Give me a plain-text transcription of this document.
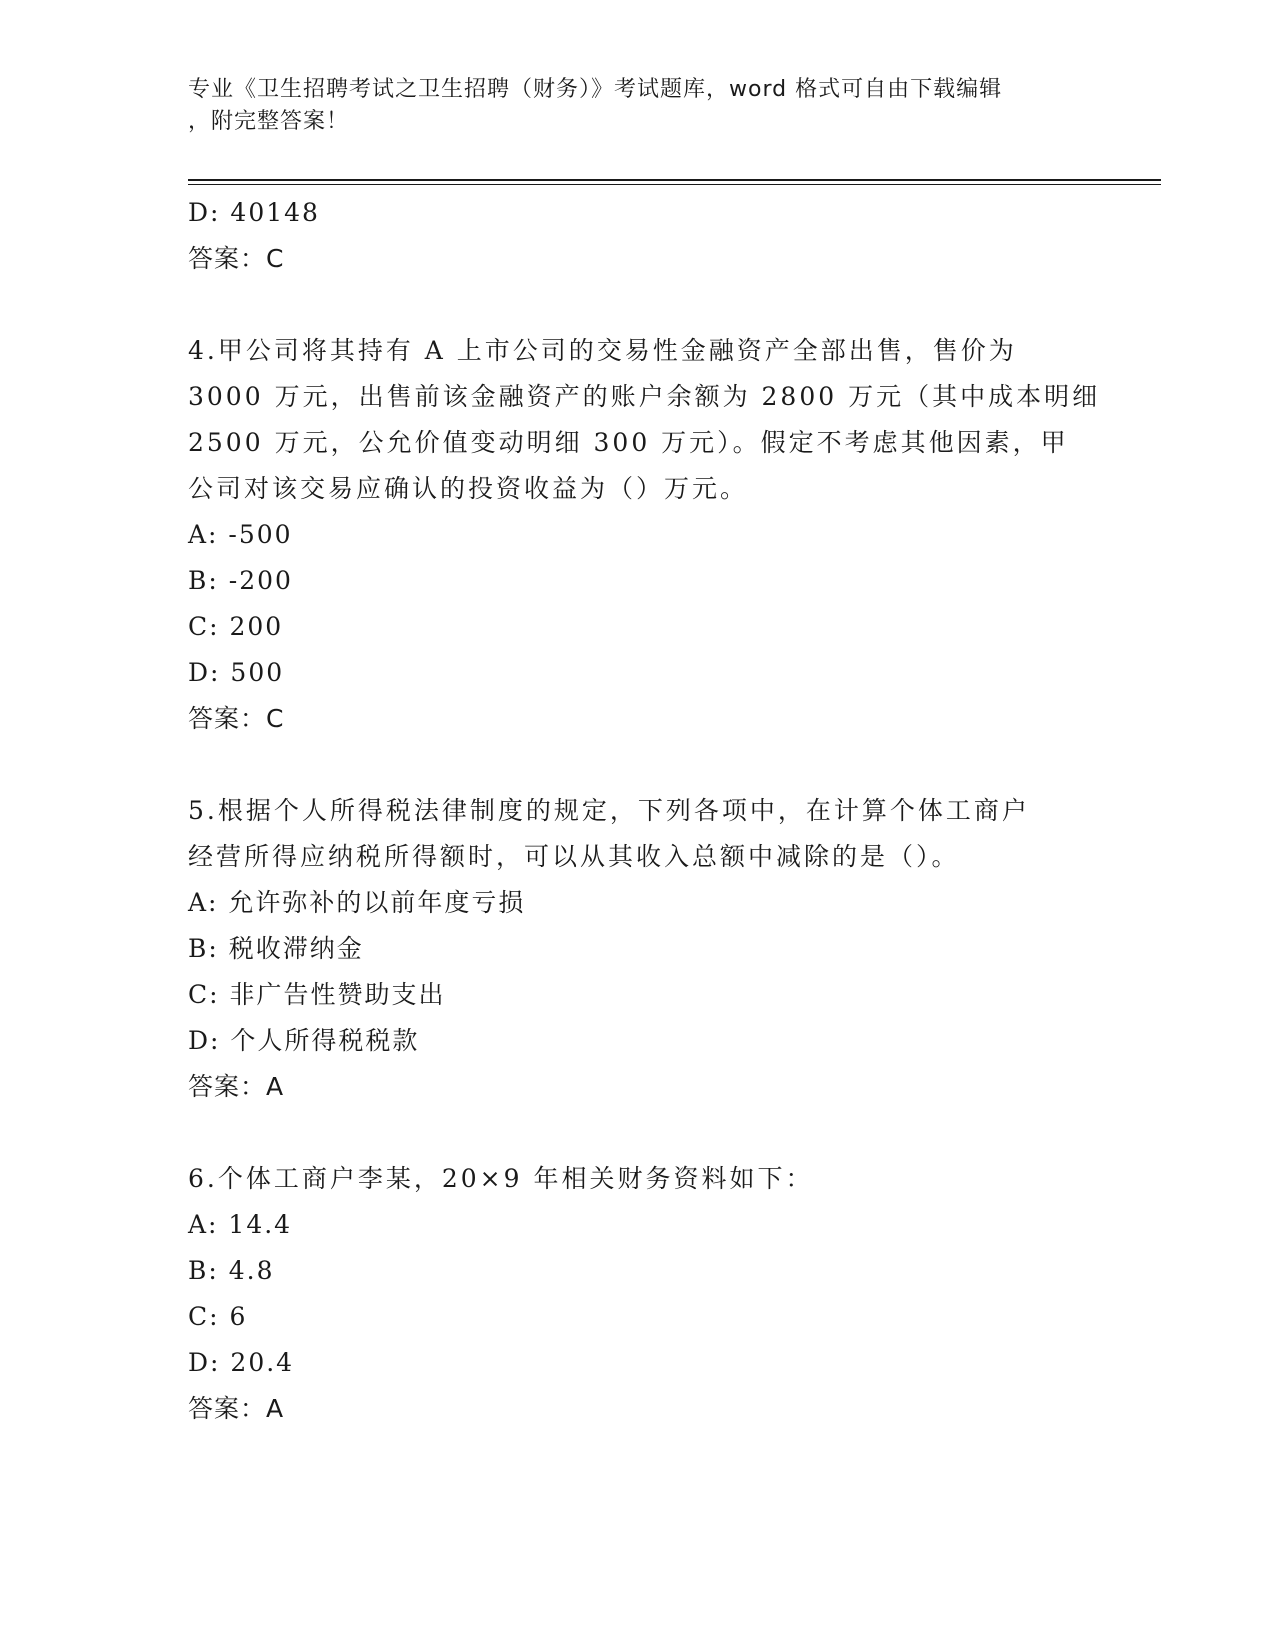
专业《卫生招聘考试之卫生招聘（财务）》考试题库，word 格式可自由下载编辑
，附完整答案！
D: 40148
答案：C
4.甲公司将其持有 A 上市公司的交易性金融资产全部出售，售价为
3000 万元，出售前该金融资产的账户余额为 2800 万元（其中成本明细
2500 万元，公允价值变动明细 300 万元）。假定不考虑其他因素，甲
公司对该交易应确认的投资收益为（）万元。
A: -500
B: -200
C: 200
D: 500
答案：C
5.根据个人所得税法律制度的规定，下列各项中，在计算个体工商户
经营所得应纳税所得额时，可以从其收入总额中减除的是（）。
A: 允许弥补的以前年度亏损
B: 税收滞纳金
C: 非广告性赞助支出
D: 个人所得税税款
答案：A
6.个体工商户李某，20×9 年相关财务资料如下：
A: 14.4
B: 4.8
C: 6
D: 20.4
答案：A
